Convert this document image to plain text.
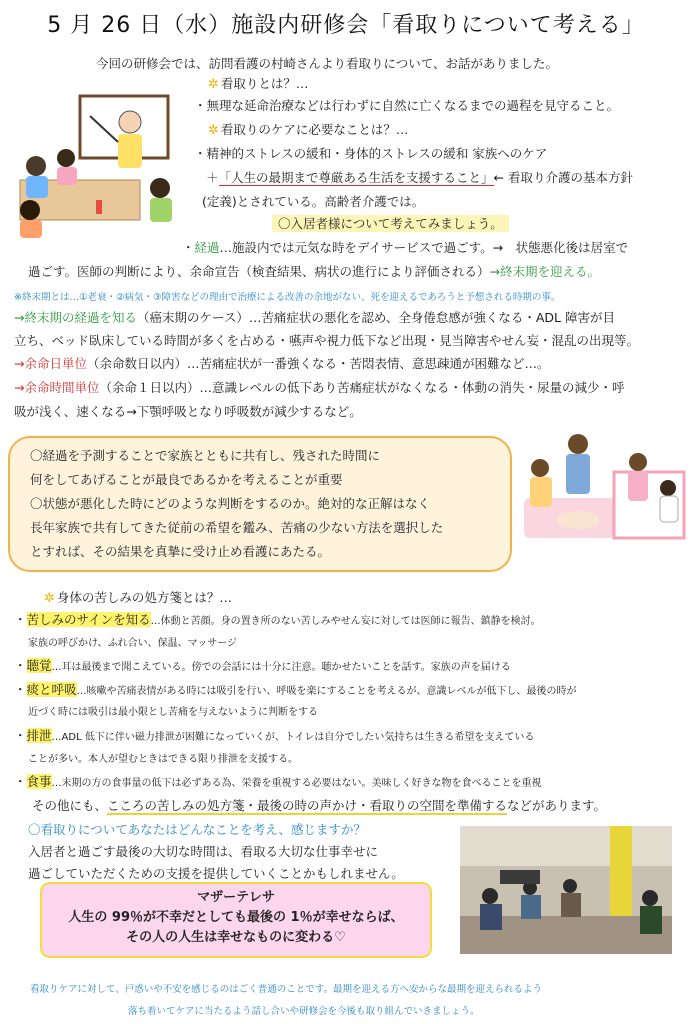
5 月 26 日（水）施設内研修会「看取りについて考える」
今回の研修会では、訪問看護の村崎さんより看取りについて、お話がありました。
✲ 看取りとは？…
・無理な延命治療などは行わずに自然に亡くなるまでの過程を見守ること。
✲ 看取りのケアに必要なことは？…
・精神的ストレスの緩和・身体的ストレスの緩和 家族へのケア
＋「人生の最期まで尊厳ある生活を支援すること」← 看取り介護の基本方針
(定義)とされている。高齢者介護では。
〇入居者様について考えてみましょう。
・経過…施設内では元気な時をデイサービスで過ごす。→　状態悪化後は居室で
過ごす。医師の判断により、余命宣告（検査結果、病状の進行により評価される）→終末期を迎える。
※終末期とは…①老衰・②病気・③障害などの理由で治療による改善の余地がない、死を迎えるであろうと予想される時期の事。
→終末期の経過を知る（癌末期のケース）…苦痛症状の悪化を認め、全身倦怠感が強くなる・ADL 障害が目
立ち、ベッド臥床している時間が多くを占める・嚥声や視力低下など出現・見当障害やせん妄・混乱の出現等。
→余命日単位（余命数日以内）…苦痛症状が一番強くなる・苦悶表情、意思疎通が困難など…。
→余命時間単位（余命１日以内）…意識レベルの低下あり苦痛症状がなくなる・体動の消失・尿量の減少・呼
吸が浅く、速くなる→下顎呼吸となり呼吸数が減少するなど。
〇経過を予測することで家族とともに共有し、残された時間に
何をしてあげることが最良であるかを考えることが重要
〇状態が悪化した時にどのような判断をするのか。絶対的な正解はなく
長年家族で共有してきた従前の希望を鑑み、苦痛の少ない方法を選択した
とすれば、その結果を真摯に受け止め看護にあたる。
✲ 身体の苦しみの処方箋とは？…
・苦しみのサインを知る…体動と苦顔。身の置き所のない苦しみやせん妄に対しては医師に報告、鎮静を検討。
家族の呼びかけ、ふれ合い、保温、マッサージ
・聴覚…耳は最後まで聞こえている。傍での会話には十分に注意。聴かせたいことを話す。家族の声を届ける
・痰と呼吸…咳嗽や苦痛表情がある時には吸引を行い、呼吸を楽にすることを考えるが、意識レベルが低下し、最後の時が
近づく時には吸引は最小限とし苦痛を与えないように判断をする
・排泄…ADL 低下に伴い磁力排泄が困難になっていくが、トイレは自分でしたい気持ちは生きる希望を支えている
ことが多い。本人が望むときはできる限り排泄を支援する。
・食事…末期の方の食事量の低下は必ずある為、栄養を重視する必要はない。美味しく好きな物を食べることを重視
その他にも、こころの苦しみの処方箋・最後の時の声かけ・看取りの空間を準備するなどがあります。
〇看取りについてあなたはどんなことを考え、感じますか？
入居者と過ごす最後の大切な時間は、看取る大切な仕事幸せに
過ごしていただくための支援を提供していくことかもしれません。
マザーテレサ
人生の 99％が不幸だとしても最後の 1％が幸せならば、
その人の人生は幸せなものに変わる♡
看取りケアに対して、戸惑いや不安を感じるのはごく普通のことです。最期を迎える方へ安からな最期を迎えられるよう
落ち着いてケアに当たるよう話し合いや研修会を今後も取り組んでいきましょう。
